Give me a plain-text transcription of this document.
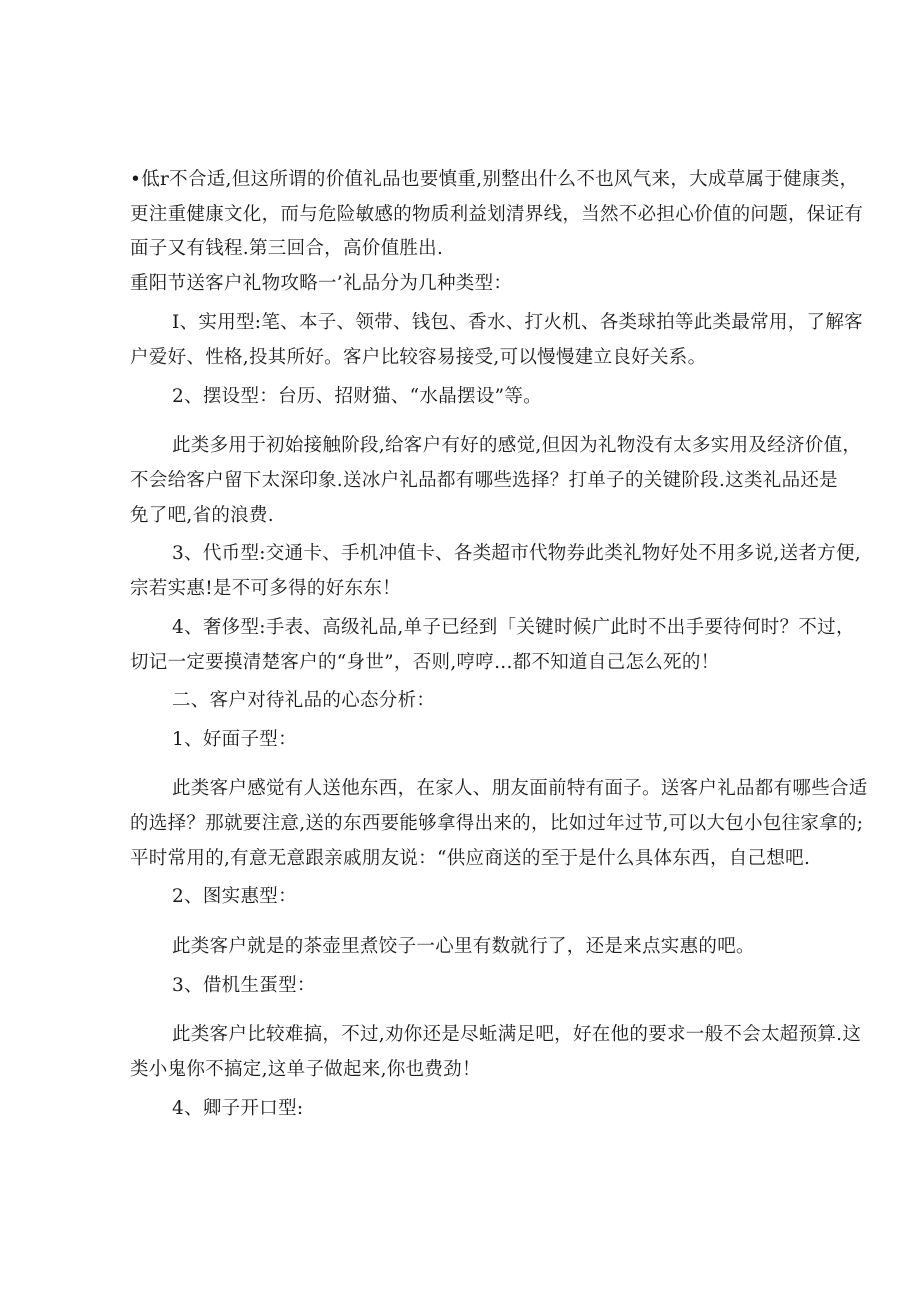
•低r不合适,但这所谓的价值礼品也要慎重,别整出什么不也风气来，大成草属于健康类，
更注重健康文化，而与危险敏感的物质利益划清界线，当然不必担心价值的问题，保证有
面子又有钱程.第三回合，高价值胜出.
重阳节送客户礼物攻略一’礼品分为几种类型：
I、实用型:笔、本子、领带、钱包、香水、打火机、各类球拍等此类最常用，了解客
户爱好、性格,投其所好。客户比较容易接受,可以慢慢建立良好关系。
2、摆设型：台历、招财猫、“水晶摆设”等。
此类多用于初始接触阶段,给客户有好的感觉,但因为礼物没有太多实用及经济价值，
不会给客户留下太深印象.送冰户礼品都有哪些选择？打单子的关键阶段.这类礼品还是
免了吧,省的浪费.
3、代币型:交通卡、手机冲值卡、各类超市代物券此类礼物好处不用多说,送者方便,
宗若实惠!是不可多得的好东东！
4、奢侈型:手表、高级礼品,单子已经到「关键时候广此时不出手要待何时？不过，
切记一定要摸清楚客户的“身世”，否则,哼哼...都不知道自己怎么死的！
二、客户对待礼品的心态分析：
1、好面子型：
此类客户感觉有人送他东西，在家人、朋友面前特有面子。送客户礼品都有哪些合适
的选择？那就要注意,送的东西要能够拿得出来的，比如过年过节,可以大包小包往家拿的;
平时常用的,有意无意跟亲戚朋友说：“供应商送的至于是什么具体东西，自己想吧.
2、图实惠型：
此类客户就是的茶壶里煮饺子一心里有数就行了，还是来点实惠的吧。
3、借机生蛋型：
此类客户比较难搞，不过,劝你还是尽蚯满足吧，好在他的要求一般不会太超预算.这
类小鬼你不搞定,这单子做起来,你也费劲！
4、卿子开口型:
